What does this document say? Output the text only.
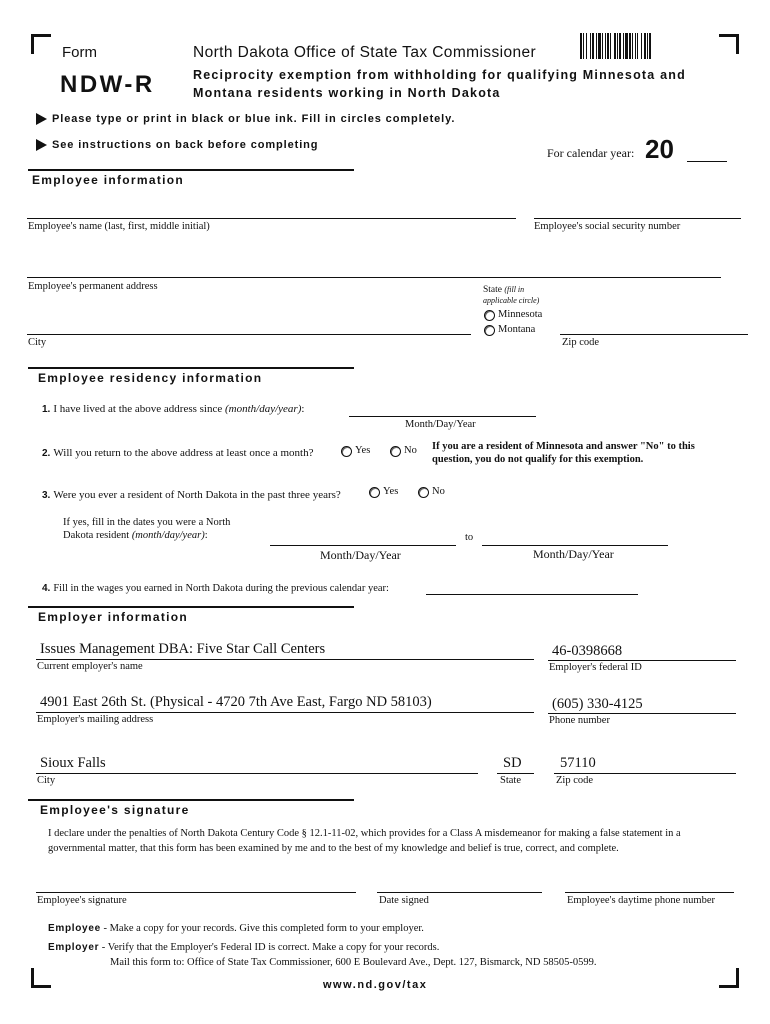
Form
NDW-R
North Dakota Office of State Tax Commissioner
Reciprocity exemption from withholding for qualifying Minnesota and
Montana residents working in North Dakota
Please type or print in black or blue ink. Fill in circles completely.
See instructions on back before completing
For calendar year: 20
Employee information
Employee's name (last, first, middle initial)	Employee's social security number
Employee's permanent address	State (fill in
applicable circle)
Minnesota
Montana
City	Zip code
Employee residency information
1. I have lived at the above address since (month/day/year):
Month/Day/Year
2. Will you return to the above address at least once a month?	Yes	No If you are a resident of Minnesota and answer "No" to this
question, you do not qualify for this exemption.
3. Were you ever a resident of North Dakota in the past three years?	Yes	No
If yes, fill in the dates you were a North
Dakota resident (month/day/year):	to
Month/Day/Year	Month/Day/Year
4. Fill in the wages you earned in North Dakota during the previous calendar year:
Employer information
Issues Management DBA: Five Star Call Centers
Current employer's name
46-0398668
Employer's federal ID
4901 East 26th St. (Physical - 4720 7th Ave East, Fargo ND 58103)
Employer's mailing address
(605) 330-4125
Phone number
Sioux Falls
City
SD
State
57110
Zip code
Employee's signature
I declare under the penalties of North Dakota Century Code § 12.1-11-02, which provides for a Class A misdemeanor for making a false statement in a
governmental matter, that this form has been examined by me and to the best of my knowledge and belief is true, correct, and complete.
Employee's signature	Date signed	Employee's daytime phone number
Employee - Make a copy for your records. Give this completed form to your employer.
Employer - Verify that the Employer's Federal ID is correct. Make a copy for your records.
Mail this form to: Office of State Tax Commissioner, 600 E Boulevard Ave., Dept. 127, Bismarck, ND 58505-0599.
www.nd.gov/tax
